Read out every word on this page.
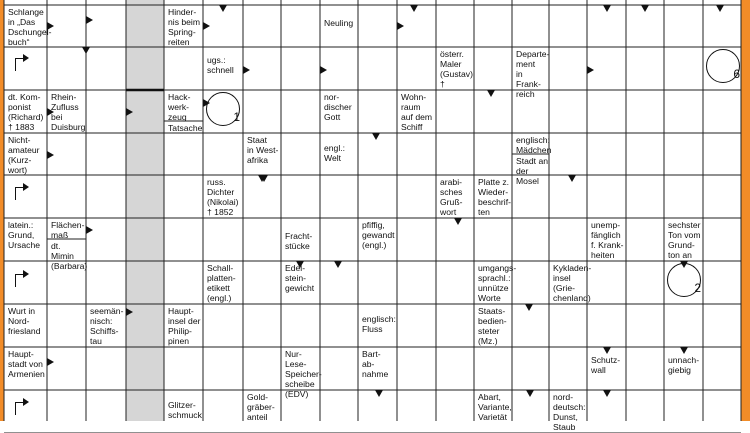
Schlange
in „Das
Dschungel-
buch“
Hinder-
nis beim
Spring-
reiten
Neuling
ugs.:
schnell
österr.
Maler
(Gustav) †
Departe-
ment
in Frank-
reich
dt. Kom-
ponist
(Richard)
† 1883
Rhein-
Zufluss
bei
Duisburg
Hack-
werk-
zeug
Tatsache
nor-
discher
Gott
Wohn-
raum
auf dem
Schiff
Nicht-
amateur
(Kurz-
wort)
Staat
in West-
afrika
engl.:
Welt
englisch:
Mädchen
Stadt an
der Mosel
russ.
Dichter
(Nikolai)
† 1852
arabi-
sches
Gruß-
wort
Platte z.
Wieder-
beschrif-
ten
latein.:
Grund,
Ursache
Flächen-
maß
dt. Mimin
(Barbara)
Fracht-
stücke
pfiffig,
gewandt
(engl.)
unemp-
fänglich
f. Krank-
heiten
sechster
Ton vom
Grund-
ton an
Schall-
platten-
etikett
(engl.)
Edel-
stein-
gewicht
umgangs-
sprachl.:
unnütze
Worte
Kykladen-
insel
(Grie-
chenland)
Wurt in
Nord-
friesland
seemän-
nisch:
Schiffs-
tau
Haupt-
insel der
Philip-
pinen
englisch:
Fluss
Staats-
bedien-
steter
(Mz.)
Haupt-
stadt von
Armenien
Nur-Lese-
Speicher-
scheibe
(EDV)
Bart-
ab-
nahme
Schutz-
wall
unnach-
giebig
Glitzer-
schmuck
Gold-
gräber-
anteil
Abart,
Variante,
Varietät
nord-
deutsch:
Dunst,
Staub
1
2
6
